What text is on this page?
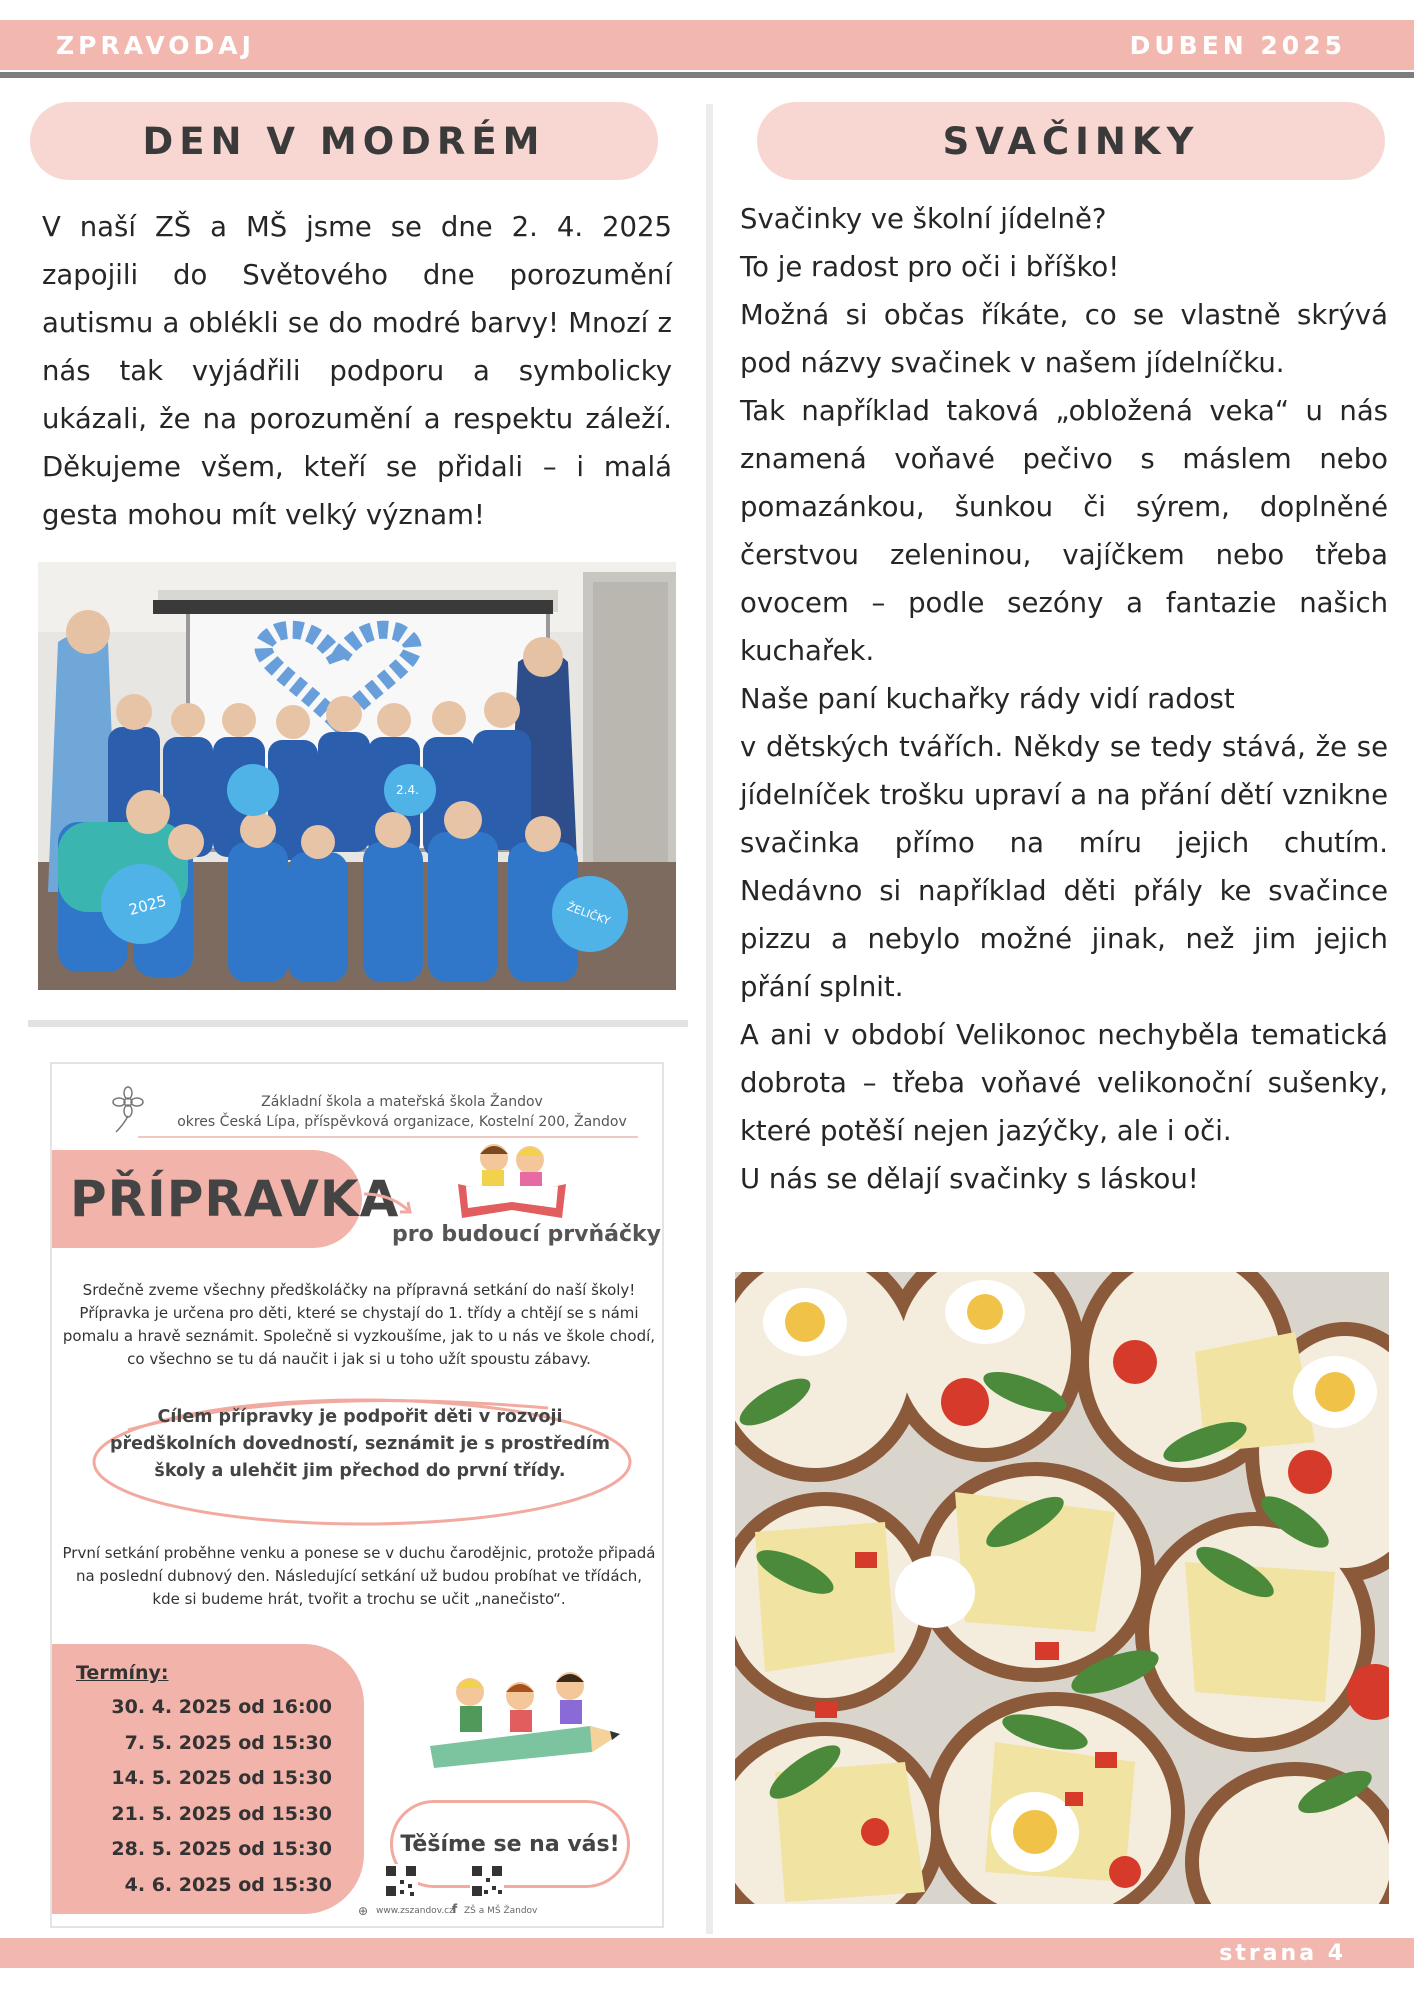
ZPRAVODAJ	DUBEN 2025
DEN V MODRÉM
V naší ZŠ a MŠ jsme se dne 2. 4. 2025 zapojili do Světového dne porozumění autismu a oblékli se do modré barvy! Mnozí z nás tak vyjádřili podporu a symbolicky ukázali, že na porozumění a respektu záleží. Děkujeme všem, kteří se přidali – i malá gesta mohou mít velký význam!
2025
2.4.
ŽELIČKY
Základní škola a mateřská škola Žandov
okres Česká Lípa, příspěvková organizace, Kostelní 200, Žandov
PŘÍPRAVKA
pro budoucí prvňáčky
Srdečně zveme všechny předškoláčky na přípravná setkání do naší školy! Přípravka je určena pro děti, které se chystají do 1. třídy a chtějí se s námi pomalu a hravě seznámit. Společně si vyzkoušíme, jak to u nás ve škole chodí, co všechno se tu dá naučit i jak si u toho užít spoustu zábavy.
Cílem přípravky je podpořit děti v rozvoji předškolních dovedností, seznámit je s prostředím školy a ulehčit jim přechod do první třídy.
První setkání proběhne venku a ponese se v duchu čarodějnic, protože připadá na poslední dubnový den. Následující setkání už budou probíhat ve třídách, kde si budeme hrát, tvořit a trochu se učit „nanečisto“.
Termíny:
30. 4. 2025 od 16:00
7. 5. 2025 od 15:30
14. 5. 2025 od 15:30
21. 5. 2025 od 15:30
28. 5. 2025 od 15:30
4. 6. 2025 od 15:30
Těšíme se na vás!
⊕ www.zszandov.cz
f ZŠ a MŠ Žandov
SVAČINKY

Svačinky ve školní jídelně?

To je radost pro oči i bříško!

Možná si občas říkáte, co se vlastně skrývá pod názvy svačinek v našem jídelníčku.

Tak například taková „obložená veka“ u nás znamená voňavé pečivo s máslem nebo pomazánkou, šunkou či sýrem, doplněné čerstvou zeleninou, vajíčkem nebo třeba ovocem – podle sezóny a fantazie našich kuchařek.

Naše paní kuchařky rády vidí radost

v dětských tvářích. Někdy se tedy stává, že se jídelníček trošku upraví a na přání dětí vznikne svačinka přímo na míru jejich chutím. Nedávno si například děti přály ke svačince pizzu a nebylo možné jinak, než jim jejich přání splnit.

A ani v období Velikonoc nechyběla tematická dobrota – třeba voňavé velikonoční sušenky, které potěší nejen jazýčky, ale i oči.

U nás se dělají svačinky s láskou!

strana 4
